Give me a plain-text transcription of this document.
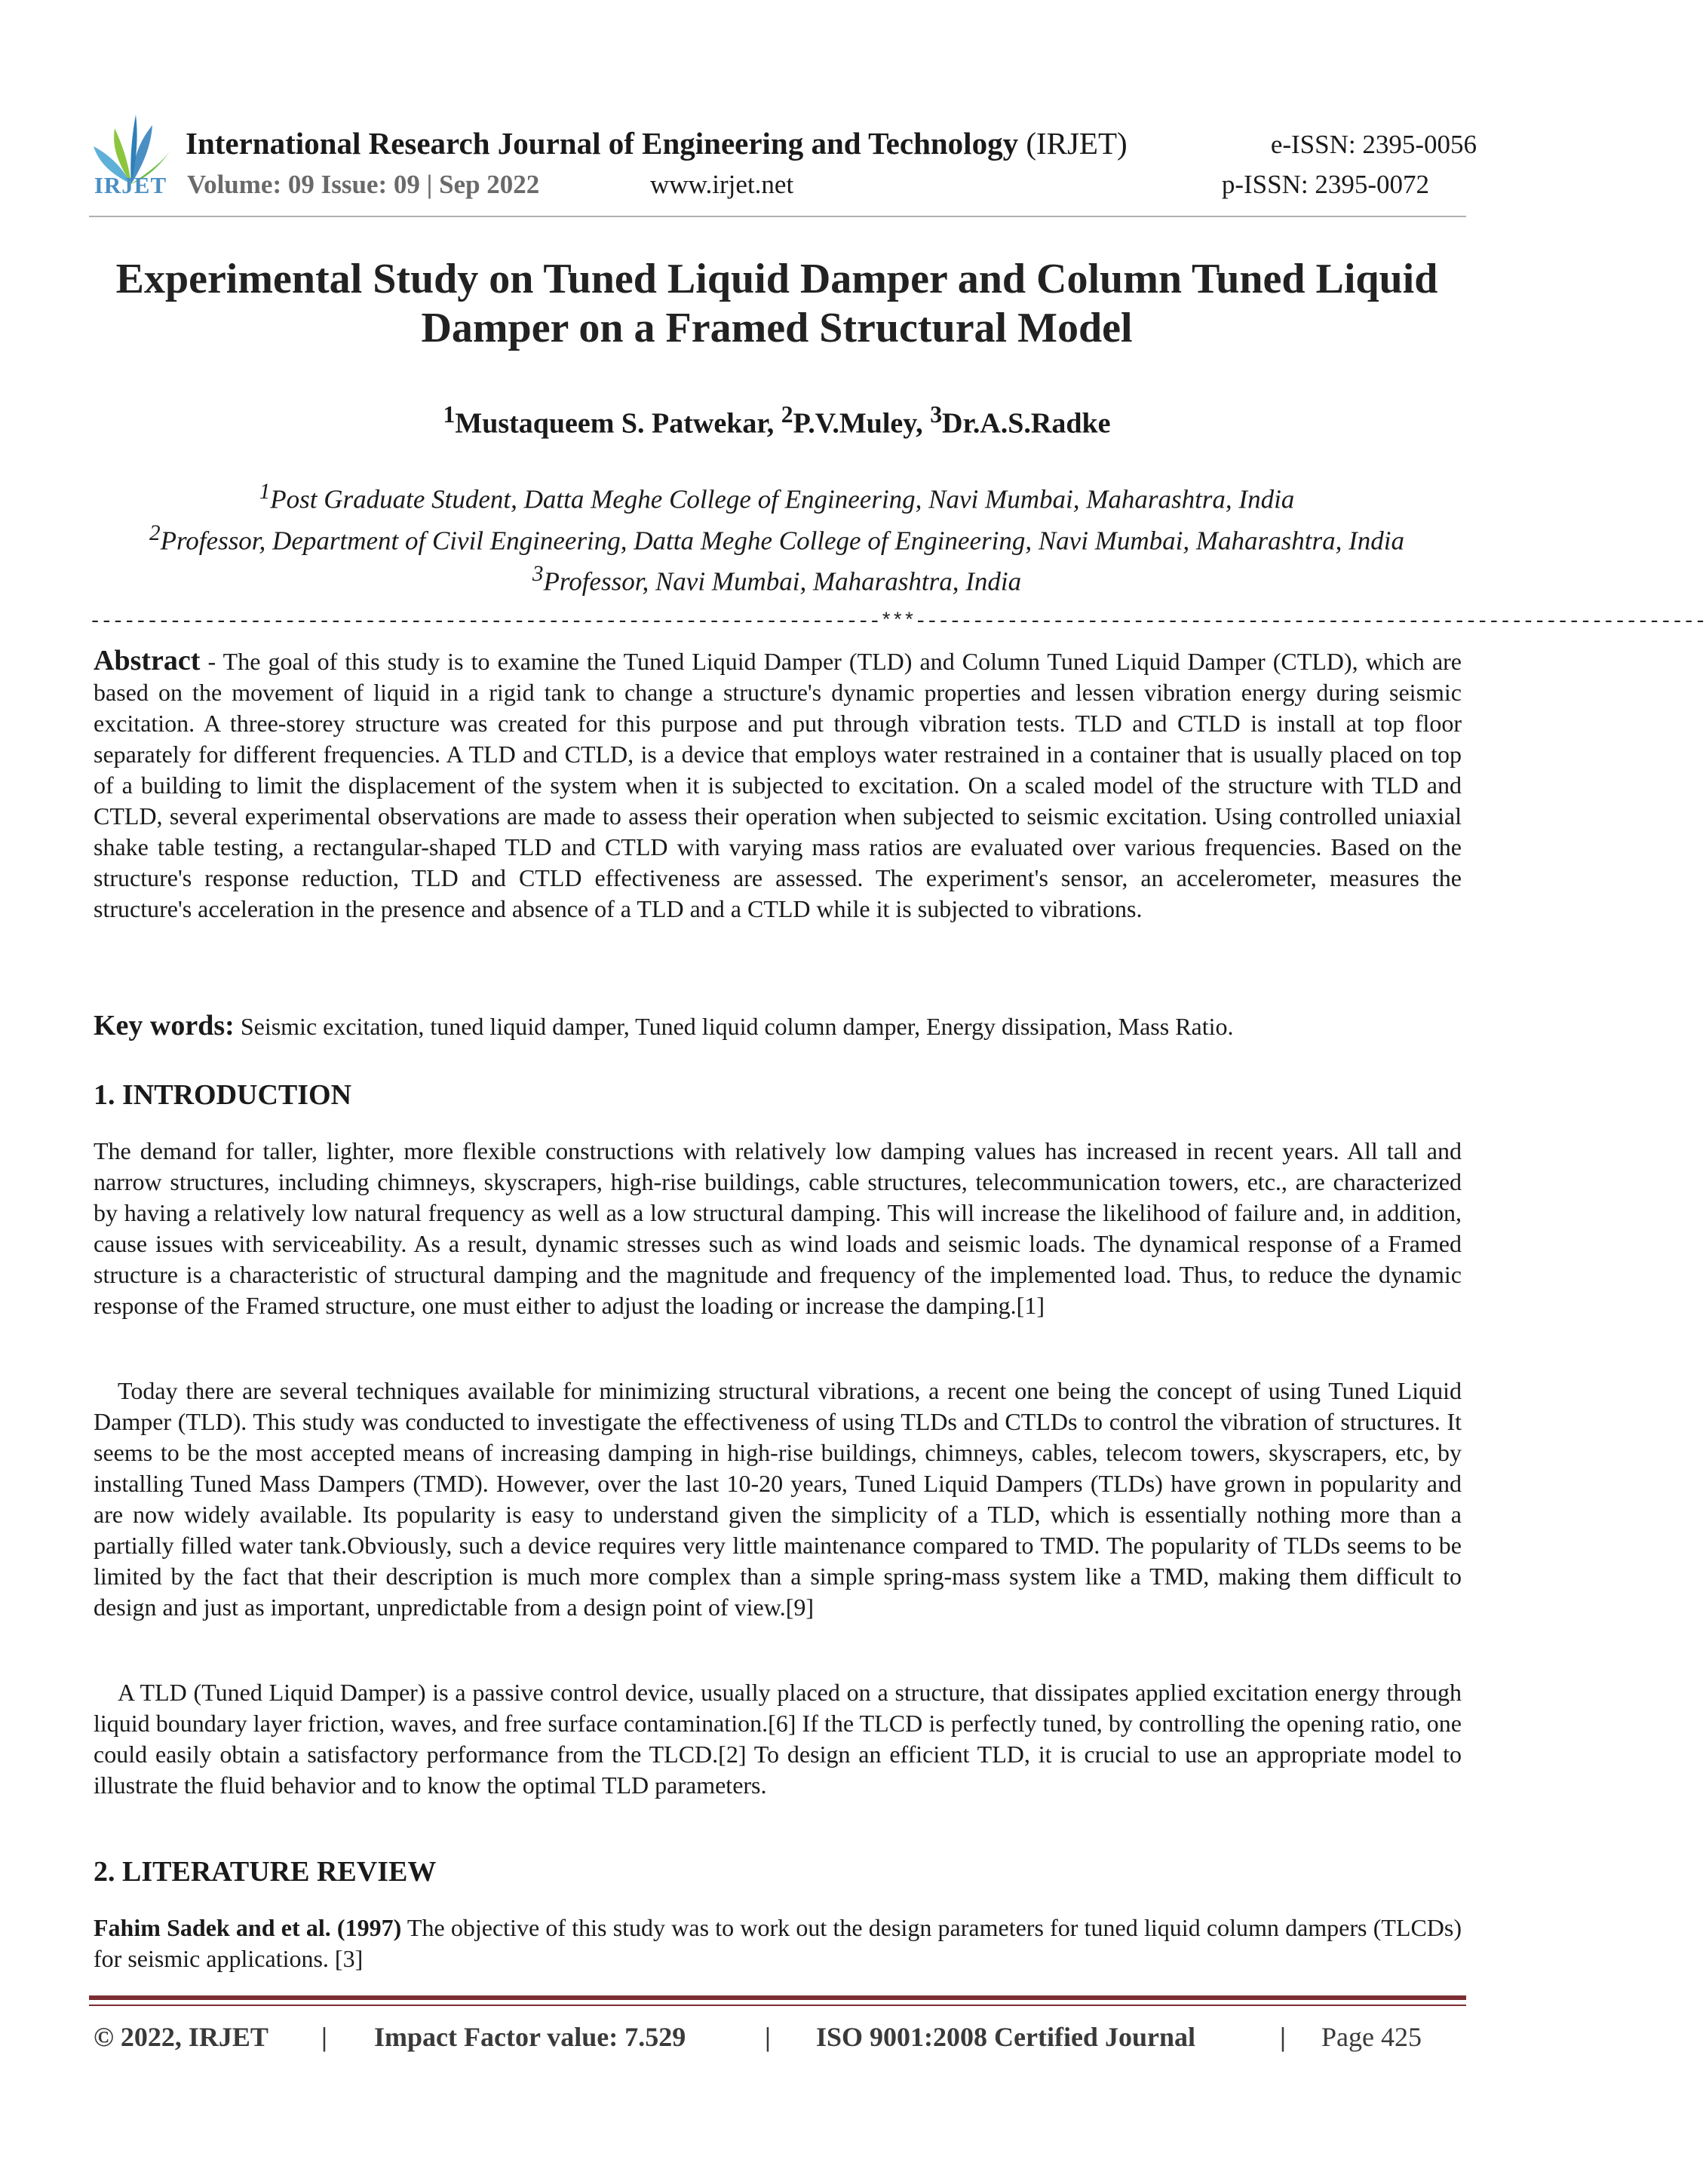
IRJET
International Research Journal of Engineering and Technology (IRJET)	e-ISSN: 2395-0056
Volume: 09 Issue: 09 | Sep 2022	www.irjet.net	p-ISSN: 2395-0072
Experimental Study on Tuned Liquid Damper and Column Tuned Liquid Damper on a Framed Structural Model
$^1$Mustaqueem S. Patwekar, $^2$P.V.Muley, $^3$Dr.A.S.Radke
$^1$Post Graduate Student, Datta Meghe College of Engineering, Navi Mumbai, Maharashtra, India
$^2$Professor, Department of Civil Engineering, Datta Meghe College of Engineering, Navi Mumbai, Maharashtra, India
$^3$Professor, Navi Mumbai, Maharashtra, India
---------------------------------------------------------------------***---------------------------------------------------------------------
Abstract - The goal of this study is to examine the Tuned Liquid Damper (TLD) and Column Tuned Liquid Damper (CTLD), which are based on the movement of liquid in a rigid tank to change a structure's dynamic properties and lessen vibration energy during seismic excitation. A three-storey structure was created for this purpose and put through vibration tests. TLD and CTLD is install at top floor separately for different frequencies. A TLD and CTLD, is a device that employs water restrained in a container that is usually placed on top of a building to limit the displacement of the system when it is subjected to excitation. On a scaled model of the structure with TLD and CTLD, several experimental observations are made to assess their operation when subjected to seismic excitation. Using controlled uniaxial shake table testing, a rectangular-shaped TLD and CTLD with varying mass ratios are evaluated over various frequencies. Based on the structure's response reduction, TLD and CTLD effectiveness are assessed. The experiment's sensor, an accelerometer, measures the structure's acceleration in the presence and absence of a TLD and a CTLD while it is subjected to vibrations.
Key words: Seismic excitation, tuned liquid damper, Tuned liquid column damper, Energy dissipation, Mass Ratio.
1. INTRODUCTION
The demand for taller, lighter, more flexible constructions with relatively low damping values has increased in recent years. All tall and narrow structures, including chimneys, skyscrapers, high-rise buildings, cable structures, telecommunication towers, etc., are characterized by having a relatively low natural frequency as well as a low structural damping. This will increase the likelihood of failure and, in addition, cause issues with serviceability. As a result, dynamic stresses such as wind loads and seismic loads. The dynamical response of a Framed structure is a characteristic of structural damping and the magnitude and frequency of the implemented load. Thus, to reduce the dynamic response of the Framed structure, one must either to adjust the loading or increase the damping.[1]
Today there are several techniques available for minimizing structural vibrations, a recent one being the concept of using Tuned Liquid Damper (TLD). This study was conducted to investigate the effectiveness of using TLDs and CTLDs to control the vibration of structures. It seems to be the most accepted means of increasing damping in high-rise buildings, chimneys, cables, telecom towers, skyscrapers, etc, by installing Tuned Mass Dampers (TMD). However, over the last 10-20 years, Tuned Liquid Dampers (TLDs) have grown in popularity and are now widely available. Its popularity is easy to understand given the simplicity of a TLD, which is essentially nothing more than a partially filled water tank.Obviously, such a device requires very little maintenance compared to TMD. The popularity of TLDs seems to be limited by the fact that their description is much more complex than a simple spring-mass system like a TMD, making them difficult to design and just as important, unpredictable from a design point of view.[9]
A TLD (Tuned Liquid Damper) is a passive control device, usually placed on a structure, that dissipates applied excitation energy through liquid boundary layer friction, waves, and free surface contamination.[6] If the TLCD is perfectly tuned, by controlling the opening ratio, one could easily obtain a satisfactory performance from the TLCD.[2] To design an efficient TLD, it is crucial to use an appropriate model to illustrate the fluid behavior and to know the optimal TLD parameters.
2. LITERATURE REVIEW
Fahim Sadek and et al. (1997) The objective of this study was to work out the design parameters for tuned liquid column dampers (TLCDs) for seismic applications. [3]
© 2022, IRJET | Impact Factor value: 7.529	| ISO 9001:2008 Certified Journal	| Page 425
